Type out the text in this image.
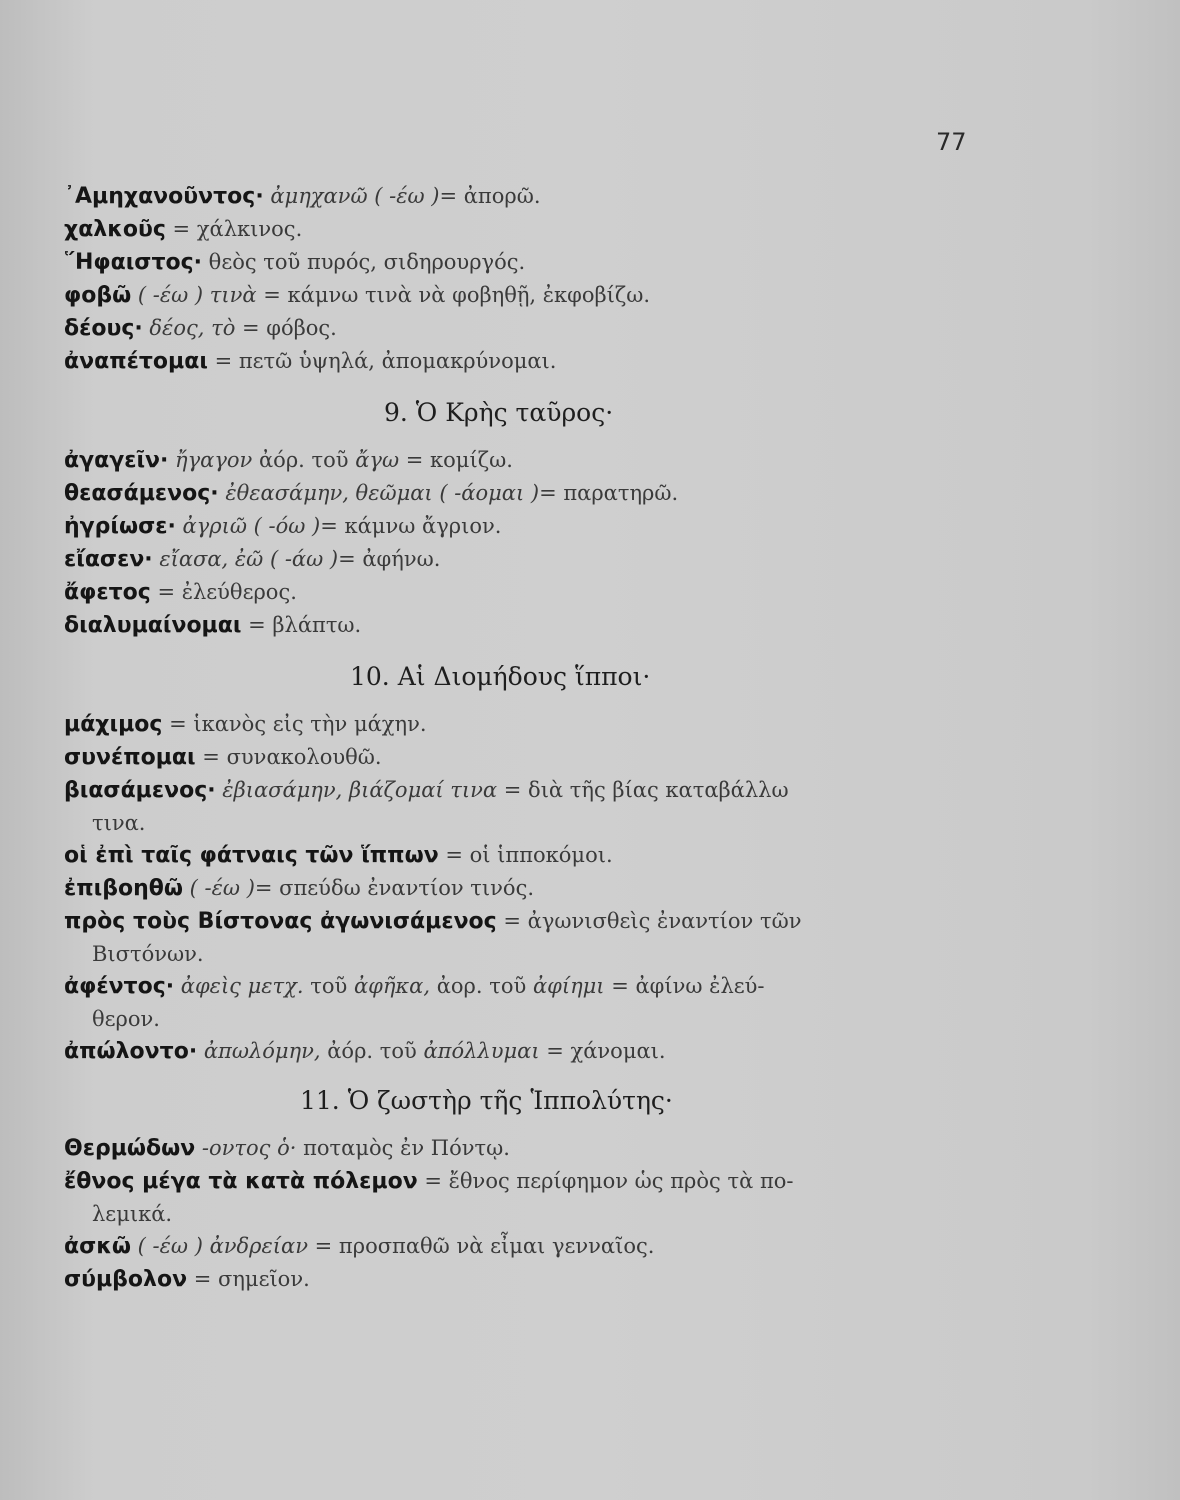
77
᾿Αμηχανοῦντος· ἀμηχανῶ ( -έω )= ἀπορῶ.
χαλκοῦς = χάλκινος.
῞Ηφαιστος· θεὸς τοῦ πυρός, σιδηρουργός.
φοβῶ ( -έω ) τινὰ = κάμνω τινὰ νὰ φοβηθῇ, ἐκφοβίζω.
δέους· δέος, τὸ = φόβος.
ἀναπέτομαι = πετῶ ὑψηλά, ἀπομακρύνομαι.
9. Ὁ Κρὴς ταῦρος·
ἀγαγεῖν· ἤγαγον ἀόρ. τοῦ ἄγω = κομίζω.
θεασάμενος· ἐθεασάμην, θεῶμαι ( -άομαι )= παρατηρῶ.
ἠγρίωσε· ἀγριῶ ( -όω )= κάμνω ἄγριον.
εἴασεν· εἴασα, ἐῶ ( -άω )= ἀφήνω.
ἄφετος = ἐλεύθερος.
διαλυμαίνομαι = βλάπτω.
10. Αἱ Διομήδους ἵπποι·
μάχιμος = ἱκανὸς εἰς τὴν μάχην.
συνέπομαι = συνακολουθῶ.
βιασάμενος· ἐβιασάμην, βιάζομαί τινα = διὰ τῆς βίας καταβάλλω
τινα.
οἱ ἐπὶ ταῖς φάτναις τῶν ἵππων = οἱ ἱπποκόμοι.
ἐπιβοηθῶ ( -έω )= σπεύδω ἐναντίον τινός.
πρὸς τοὺς Βίστονας ἀγωνισάμενος = ἀγωνισθεὶς ἐναντίον τῶν
Βιστόνων.
ἀφέντος· ἀφεὶς μετχ. τοῦ ἀφῆκα, ἀορ. τοῦ ἀφίημι = ἀφίνω ἐλεύ-
θερον.
ἀπώλοντο· ἀπωλόμην, ἀόρ. τοῦ ἀπόλλυμαι = χάνομαι.
11. Ὁ ζωστὴρ τῆς Ἱππολύτης·
Θερμώδων -οντος ὁ· ποταμὸς ἐν Πόντῳ.
ἔθνος μέγα τὰ κατὰ πόλεμον = ἔθνος περίφημον ὡς πρὸς τὰ πο-
λεμικά.
ἀσκῶ ( -έω ) ἀνδρείαν = προσπαθῶ νὰ εἶμαι γενναῖος.
σύμβολον = σημεῖον.
